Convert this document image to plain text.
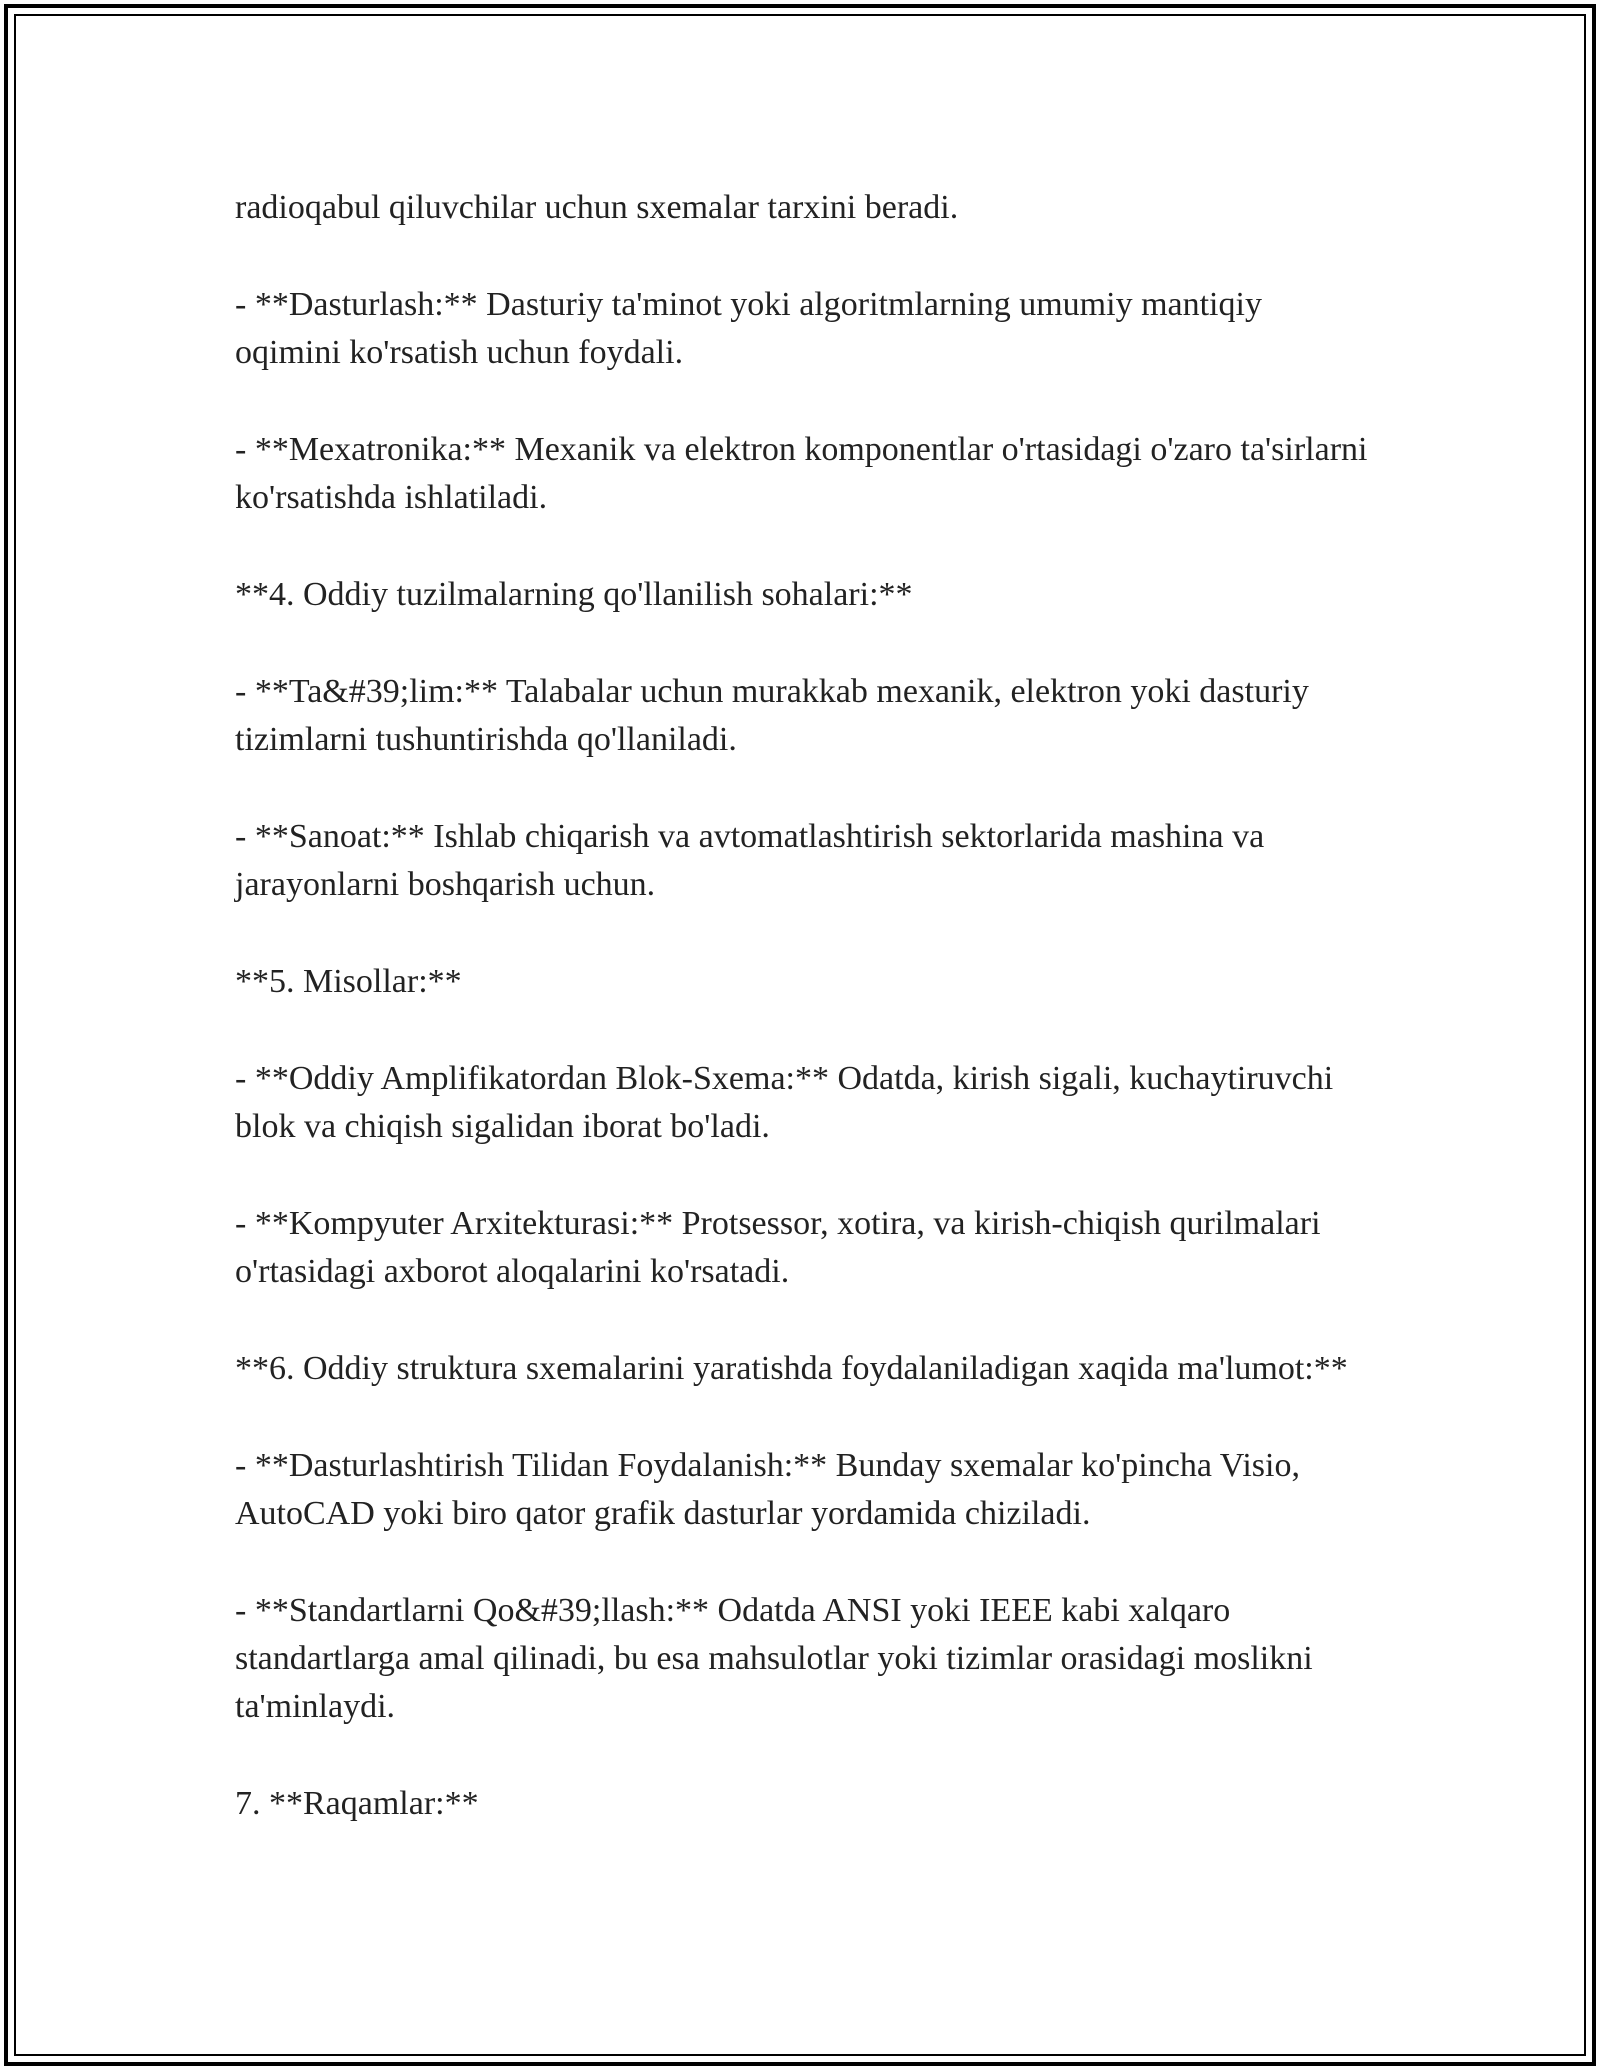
radioqabul qiluvchilar uchun sxemalar tarxini beradi.

- **Dasturlash:** Dasturiy ta'minot yoki algoritmlarning umumiy mantiqiy oqimini ko'rsatish uchun foydali.

- **Mexatronika:** Mexanik va elektron komponentlar o'rtasidagi o'zaro ta'sirlarni ko'rsatishda ishlatiladi.

**4. Oddiy tuzilmalarning qo'llanilish sohalari:**

- **Ta&#39;lim:** Talabalar uchun murakkab mexanik, elektron yoki dasturiy tizimlarni tushuntirishda qo'llaniladi.

- **Sanoat:** Ishlab chiqarish va avtomatlashtirish sektorlarida mashina va jarayonlarni boshqarish uchun.

**5. Misollar:**

- **Oddiy Amplifikatordan Blok-Sxema:** Odatda, kirish sigali, kuchaytiruvchi blok va chiqish sigalidan iborat bo'ladi.

- **Kompyuter Arxitekturasi:** Protsessor, xotira, va kirish-chiqish qurilmalari o'rtasidagi axborot aloqalarini ko'rsatadi.

**6. Oddiy struktura sxemalarini yaratishda foydalaniladigan xaqida ma'lumot:**

- **Dasturlashtirish Tilidan Foydalanish:** Bunday sxemalar ko'pincha Visio, AutoCAD yoki biro qator grafik dasturlar yordamida chiziladi.

- **Standartlarni Qo&#39;llash:** Odatda ANSI yoki IEEE kabi xalqaro standartlarga amal qilinadi, bu esa mahsulotlar yoki tizimlar orasidagi moslikni ta'minlaydi.

7. **Raqamlar:**
